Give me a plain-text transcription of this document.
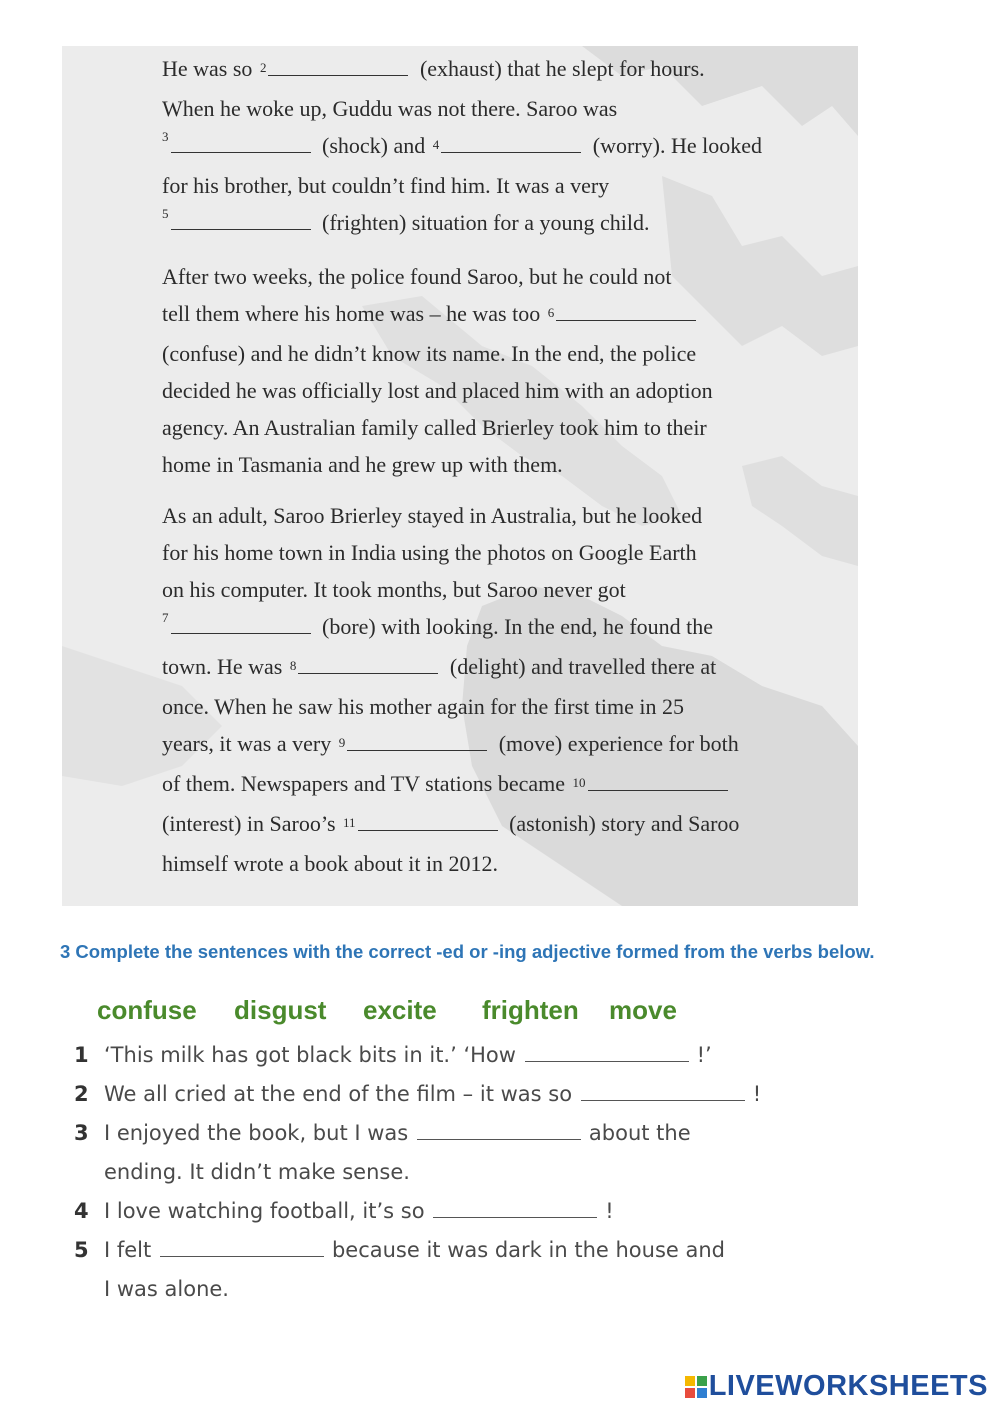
He was so $^2$	(exhaust) that he slept for hours.
When he woke up, Guddu was not there. Saroo was
$^3$	(shock) and $^4$	(worry). He looked
for his brother, but couldn’t find him. It was a very
$^5$	(frighten) situation for a young child.

After two weeks, the police found Saroo, but he could not
tell them where his home was – he was too $^6$
(confuse) and he didn’t know its name. In the end, the police
decided he was officially lost and placed him with an adoption
agency. An Australian family called Brierley took him to their
home in Tasmania and he grew up with them.

As an adult, Saroo Brierley stayed in Australia, but he looked
for his home town in India using the photos on Google Earth
on his computer. It took months, but Saroo never got
$^7$	(bore) with looking. In the end, he found the
town. He was $^8$	(delight) and travelled there at
once. When he saw his mother again for the first time in 25
years, it was a very $^9$	(move) experience for both
of them. Newspapers and TV stations became $^{10}$
(interest) in Saroo’s $^{11}$	(astonish) story and Saroo
himself wrote a book about it in 2012.

3 Complete the sentences with the correct -ed or -ing adjective formed from the verbs below.
confuse	disgust	excite	frighten	move
1 ‘This milk has got black bits in it.’ ‘How	!’
2 We all cried at the end of the film – it was so	!
3 I enjoyed the book, but I was	about the
ending. It didn’t make sense.
4 I love watching football, it’s so	!
5 I felt	because it was dark in the house and
I was alone.
LIVEWORKSHEETS
